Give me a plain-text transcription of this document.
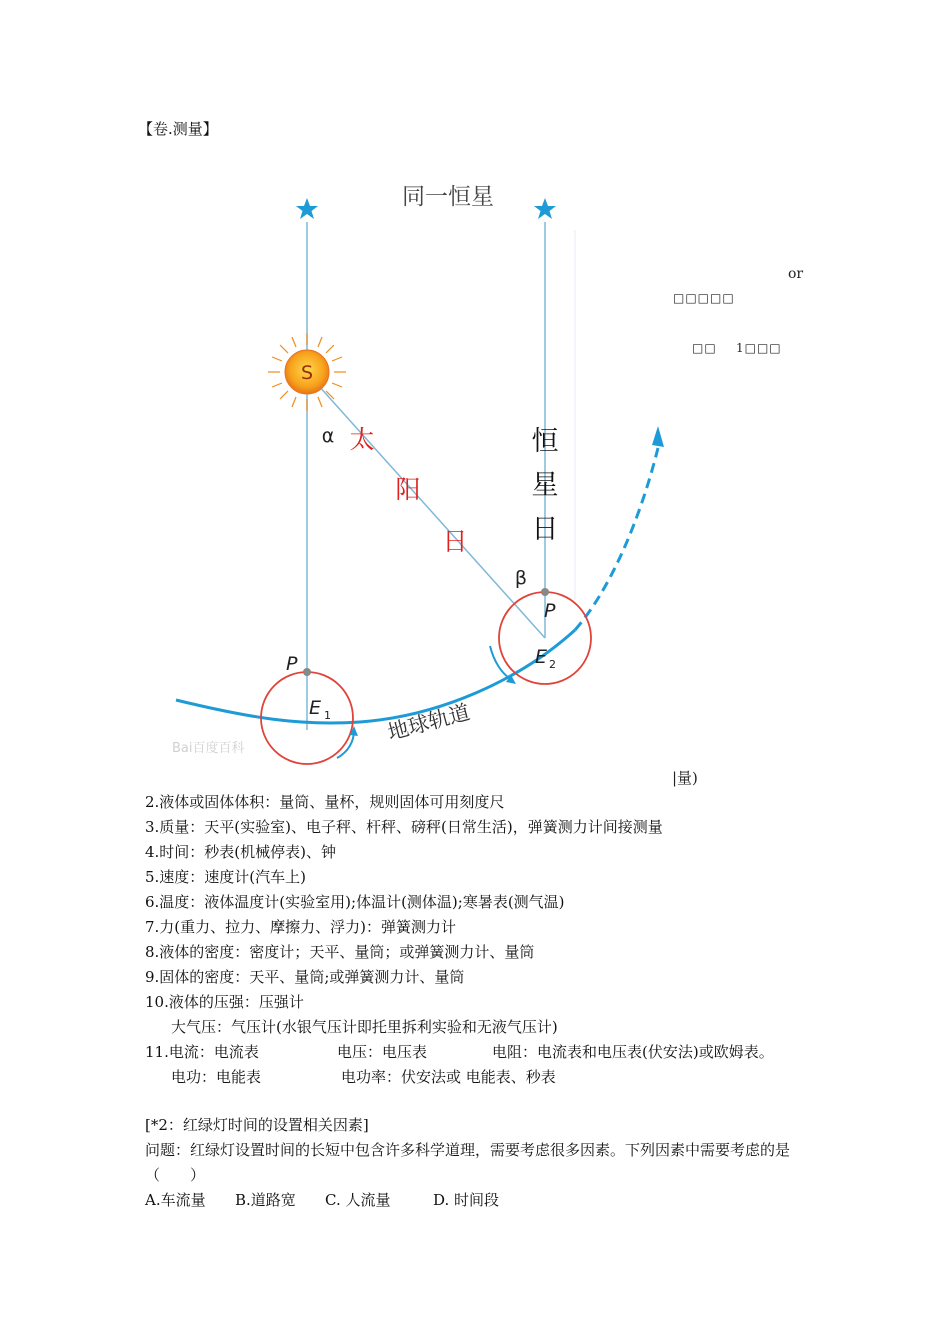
【卷.测量】
S
同一恒星
α
β
太
阳
日
恒
星
日
P
E 1
P
E 2
地球轨道
Bai百度百科
or
□□□□□
□□ 1□□□
|量)
2.液体或固体体积：量筒、量杯，规则固体可用刻度尺
3.质量：天平(实验室)、电子秤、杆秤、磅秤(日常生活)，弹簧测力计间接测量
4.时间：秒表(机械停表)、钟
5.速度：速度计(汽车上)
6.温度：液体温度计(实验室用);体温计(测体温);寒暑表(测气温)
7.力(重力、拉力、摩擦力、浮力)：弹簧测力计
8.液体的密度：密度计；天平、量筒；或弹簧测力计、量筒
9.固体的密度：天平、量筒;或弹簧测力计、量筒
10.液体的压强：压强计
大气压：气压计(水银气压计即托里拆利实验和无液气压计)
11.电流：电流表	电压：电压表	电阻：电流表和电压表(伏安法)或欧姆表。
电功：电能表	电功率：伏安法或 电能表、秒表
[*2：红绿灯时间的设置相关因素]
问题：红绿灯设置时间的长短中包含许多科学道理，需要考虑很多因素。下列因素中需要考虑的是（　　）
A.车流量 B.道路宽 C. 人流量	D. 时间段
